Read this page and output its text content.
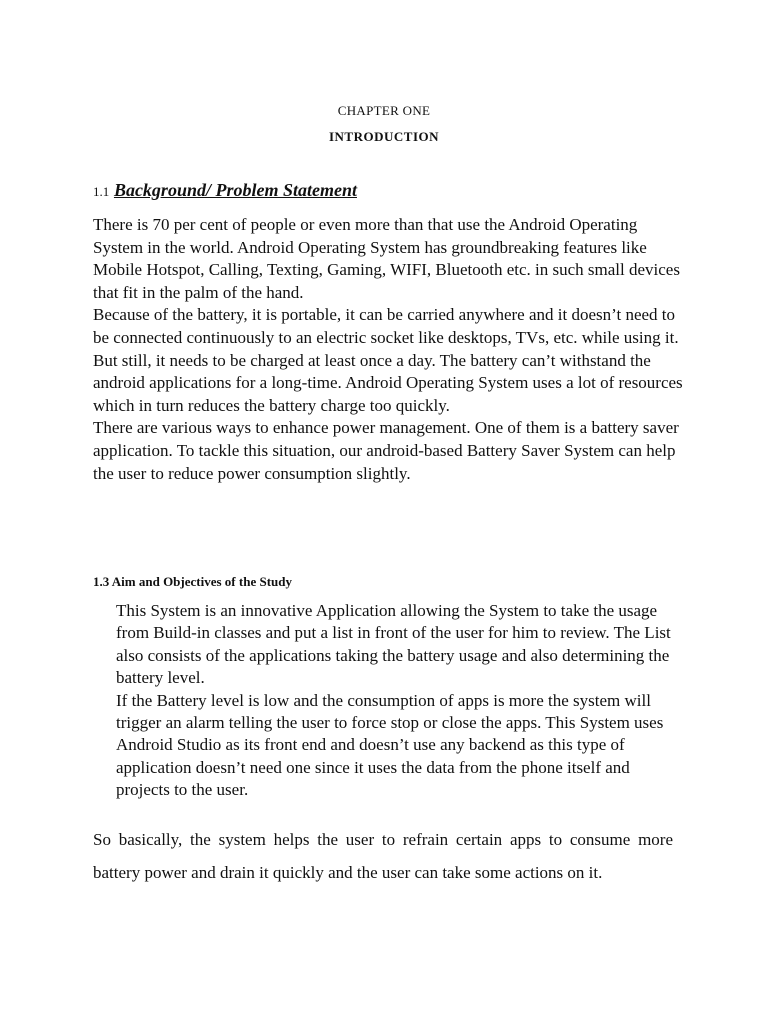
CHAPTER ONE
INTRODUCTION
1.1 Background/ Problem Statement

There is 70 per cent of people or even more than that use the Android Operating System in the world. Android Operating System has groundbreaking features like Mobile Hotspot, Calling, Texting, Gaming, WIFI, Bluetooth etc. in such small devices that fit in the palm of the hand.

Because of the battery, it is portable, it can be carried anywhere and it doesn’t need to be connected continuously to an electric socket like desktops, TVs, etc. while using it. But still, it needs to be charged at least once a day. The battery can’t withstand the android applications for a long-time. Android Operating System uses a lot of resources which in turn reduces the battery charge too quickly.

There are various ways to enhance power management. One of them is a battery saver application. To tackle this situation, our android-based Battery Saver System can help the user to reduce power consumption slightly.

1.3 Aim and Objectives of the Study

This System is an innovative Application allowing the System to take the usage from Build-in classes and put a list in front of the user for him to review. The List also consists of the applications taking the battery usage and also determining the battery level.

If the Battery level is low and the consumption of apps is more the system will trigger an alarm telling the user to force stop or close the apps. This System uses Android Studio as its front end and doesn’t use any backend as this type of application doesn’t need one since it uses the data from the phone itself and projects to the user.

So basically, the system helps the user to refrain certain apps to consume more battery power and drain it quickly and the user can take some actions on it.
